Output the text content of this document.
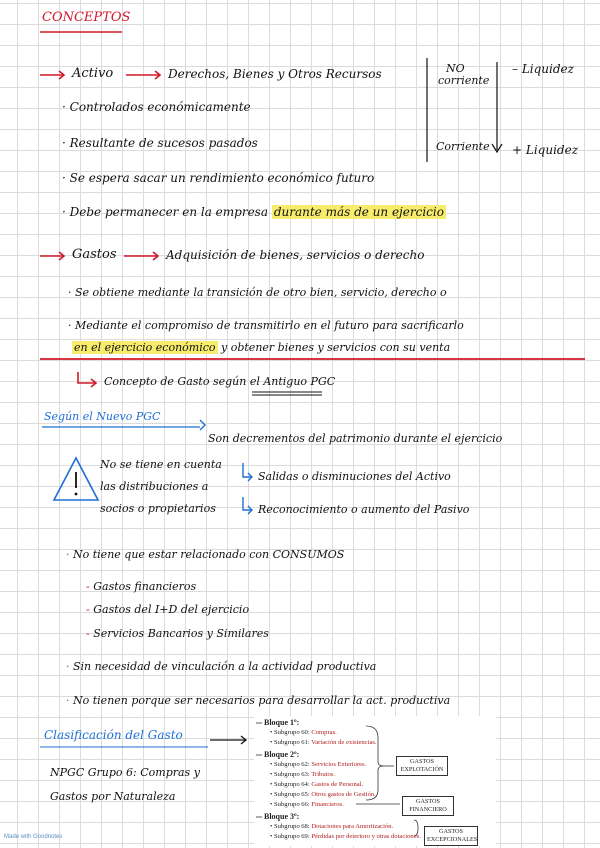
CONCEPTOS
Activo	Derechos, Bienes y Otros Recursos	NO
corriente
– Liquidez
Corriente + Liquidez
· Controlados económicamente
· Resultante de sucesos pasados
· Se espera sacar un rendimiento económico futuro
· Debe permanecer en la empresa durante más de un ejercicio
Gastos	Adquisición de bienes, servicios o derecho
· Se obtiene mediante la transición de otro bien, servicio, derecho o
· Mediante el compromiso de transmitirlo en el futuro para sacrificarlo
en el ejercicio económico y obtener bienes y servicios con su venta
Concepto de Gasto según el Antiguo PGC
Según el Nuevo PGC
Son decrementos del patrimonio durante el ejercicio
No se tiene en cuenta
las distribuciones a
socios o propietarios
Salidas o disminuciones del Activo
Reconocimiento o aumento del Pasivo
· No tiene que estar relacionado con CONSUMOS
- Gastos financieros
- Gastos del I+D del ejercicio
- Servicios Bancarios y Similares
· Sin necesidad de vinculación a la actividad productiva
· No tienen porque ser necesarios para desarrollar la act. productiva
Clasificación del Gasto
NPGC Grupo 6: Compras y
Gastos por Naturaleza
Bloque 1º:
• Subgrupo 60: Compras.
• Subgrupo 61: Variación de existencias.
Bloque 2º:
• Subgrupo 62: Servicios Exteriores.
• Subgrupo 63: Tributos.
• Subgrupo 64: Gastos de Personal.
• Subgrupo 65: Otros gastos de Gestión.
• Subgrupo 66: Financieros.
Bloque 3º:
• Subgrupo 68: Dotaciones para Amortización.
• Subgrupo 69: Pérdidas por deterioro y otras dotaciones.
GASTOS
EXPLOTACIÓN
GASTOS
FINANCIERO
GASTOS
EXCEPCIONALES
Made with Goodnotes
